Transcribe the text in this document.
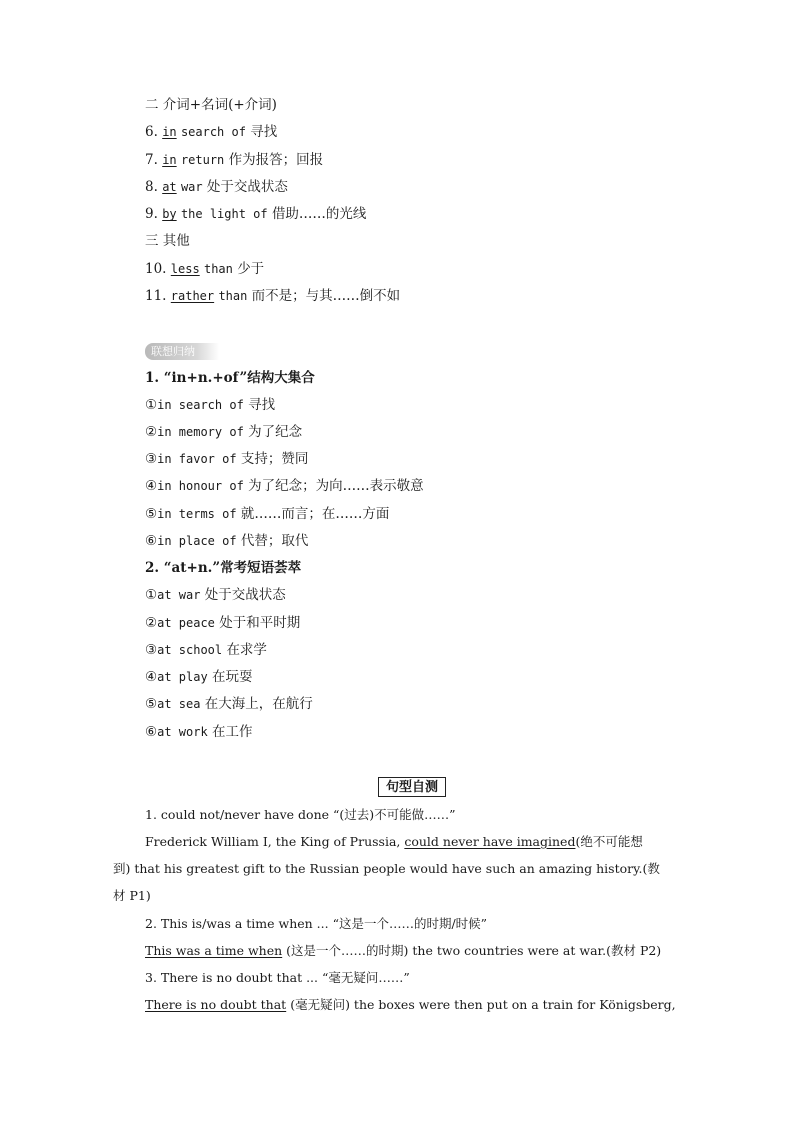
二 介词+名词(+介词)
6. in search of 寻找
7. in return 作为报答；回报
8. at war 处于交战状态
9. by the light of 借助……的光线
三 其他
10. less than 少于
11. rather than 而不是；与其……倒不如
联想归纳
1. “in+n.+of”结构大集合
①in search of 寻找
②in memory of 为了纪念
③in favor of 支持；赞同
④in honour of 为了纪念；为向……表示敬意
⑤in terms of 就……而言；在……方面
⑥in place of 代替；取代
2. “at+n.”常考短语荟萃
①at war 处于交战状态
②at peace 处于和平时期
③at school 在求学
④at play 在玩耍
⑤at sea 在大海上，在航行
⑥at work 在工作
句型自测
1. could not/never have done “(过去)不可能做……”
Frederick William Ⅰ, the King of Prussia, could never have imagined(绝不可能想
到) that his greatest gift to the Russian people would have such an amazing history.(教
材 P1)
2. This is/was a time when ... “这是一个……的时期/时候”
This was a time when (这是一个……的时期) the two countries were at war.(教材 P2)
3. There is no doubt that ... “毫无疑问……”
There is no doubt that (毫无疑问) the boxes were then put on a train for Königsberg,
